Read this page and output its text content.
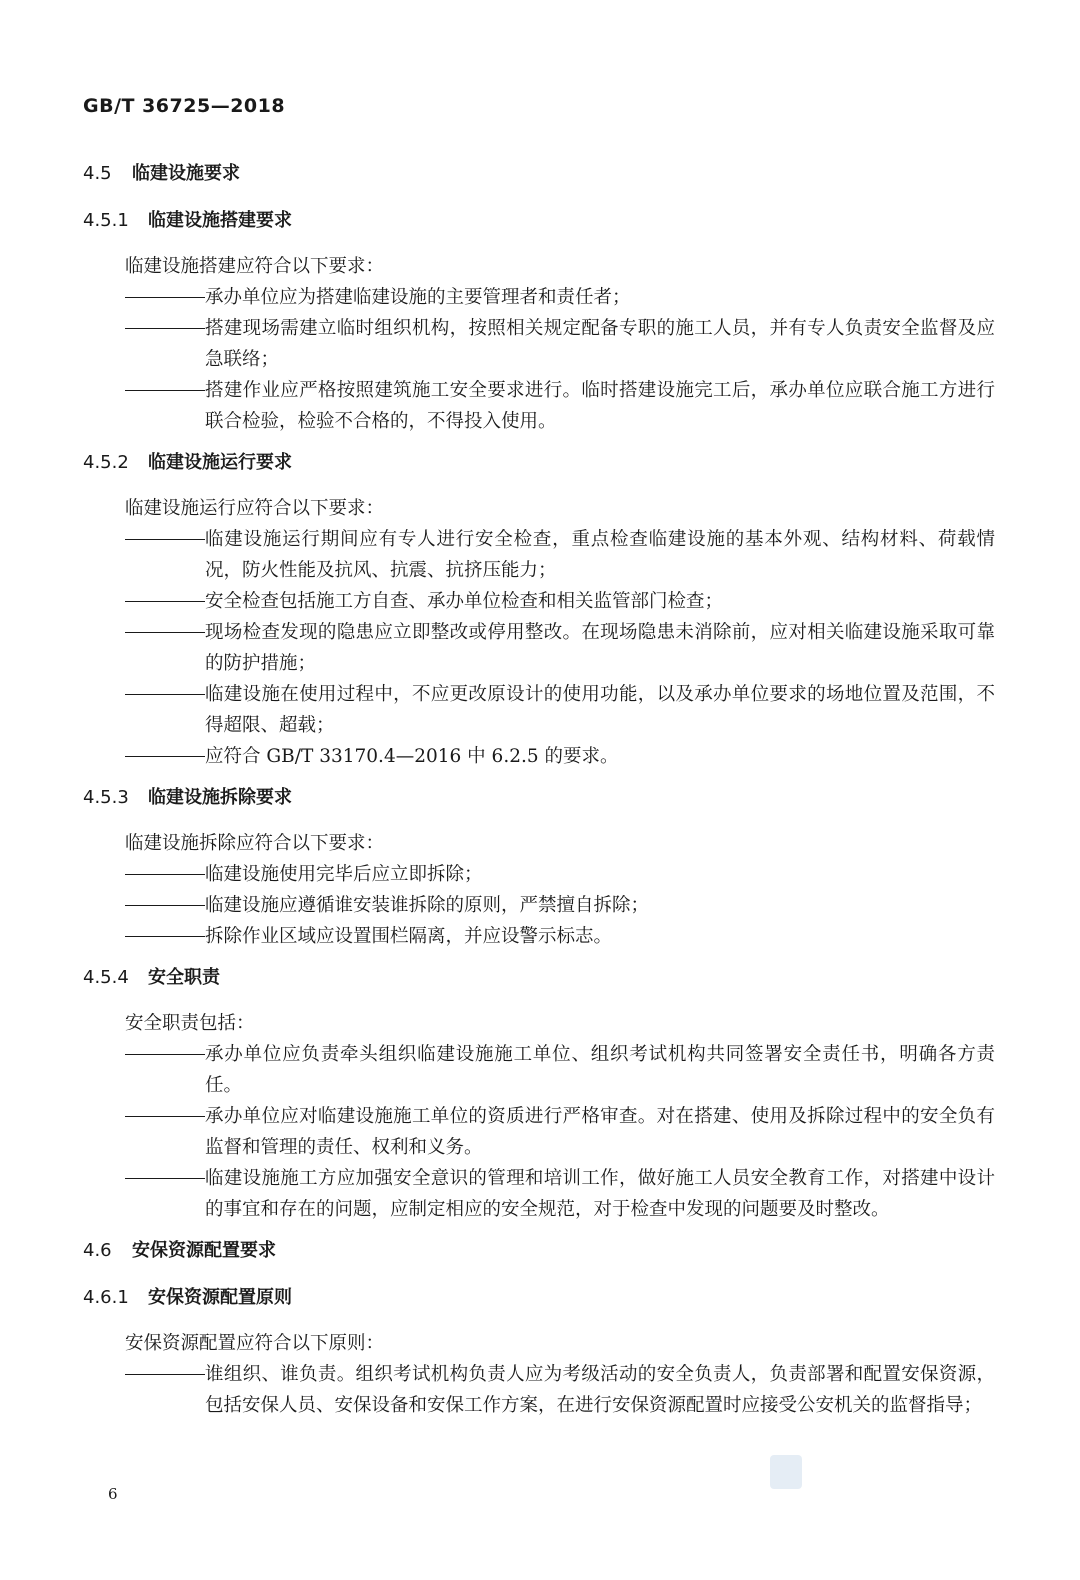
GB/T 36725—2018
4.5	临建设施要求
4.5.1	临建设施搭建要求
临建设施搭建应符合以下要求：
承办单位应为搭建临建设施的主要管理者和责任者；
搭建现场需建立临时组织机构，按照相关规定配备专职的施工人员，并有专人负责安全监督及应急联络；
搭建作业应严格按照建筑施工安全要求进行。临时搭建设施完工后，承办单位应联合施工方进行联合检验，检验不合格的，不得投入使用。
4.5.2	临建设施运行要求
临建设施运行应符合以下要求：
临建设施运行期间应有专人进行安全检查，重点检查临建设施的基本外观、结构材料、荷载情况，防火性能及抗风、抗震、抗挤压能力；
安全检查包括施工方自查、承办单位检查和相关监管部门检查；
现场检查发现的隐患应立即整改或停用整改。在现场隐患未消除前，应对相关临建设施采取可靠的防护措施；
临建设施在使用过程中，不应更改原设计的使用功能，以及承办单位要求的场地位置及范围，不得超限、超载；
应符合 GB/T 33170.4—2016 中 6.2.5 的要求。
4.5.3	临建设施拆除要求
临建设施拆除应符合以下要求：
临建设施使用完毕后应立即拆除；
临建设施应遵循谁安装谁拆除的原则，严禁擅自拆除；
拆除作业区域应设置围栏隔离，并应设警示标志。
4.5.4	安全职责
安全职责包括：
承办单位应负责牵头组织临建设施施工单位、组织考试机构共同签署安全责任书，明确各方责任。
承办单位应对临建设施施工单位的资质进行严格审查。对在搭建、使用及拆除过程中的安全负有监督和管理的责任、权利和义务。
临建设施施工方应加强安全意识的管理和培训工作，做好施工人员安全教育工作，对搭建中设计的事宜和存在的问题，应制定相应的安全规范，对于检查中发现的问题要及时整改。
4.6	安保资源配置要求
4.6.1	安保资源配置原则
安保资源配置应符合以下原则：
谁组织、谁负责。组织考试机构负责人应为考级活动的安全负责人，负责部署和配置安保资源，包括安保人员、安保设备和安保工作方案，在进行安保资源配置时应接受公安机关的监督指导；
6
